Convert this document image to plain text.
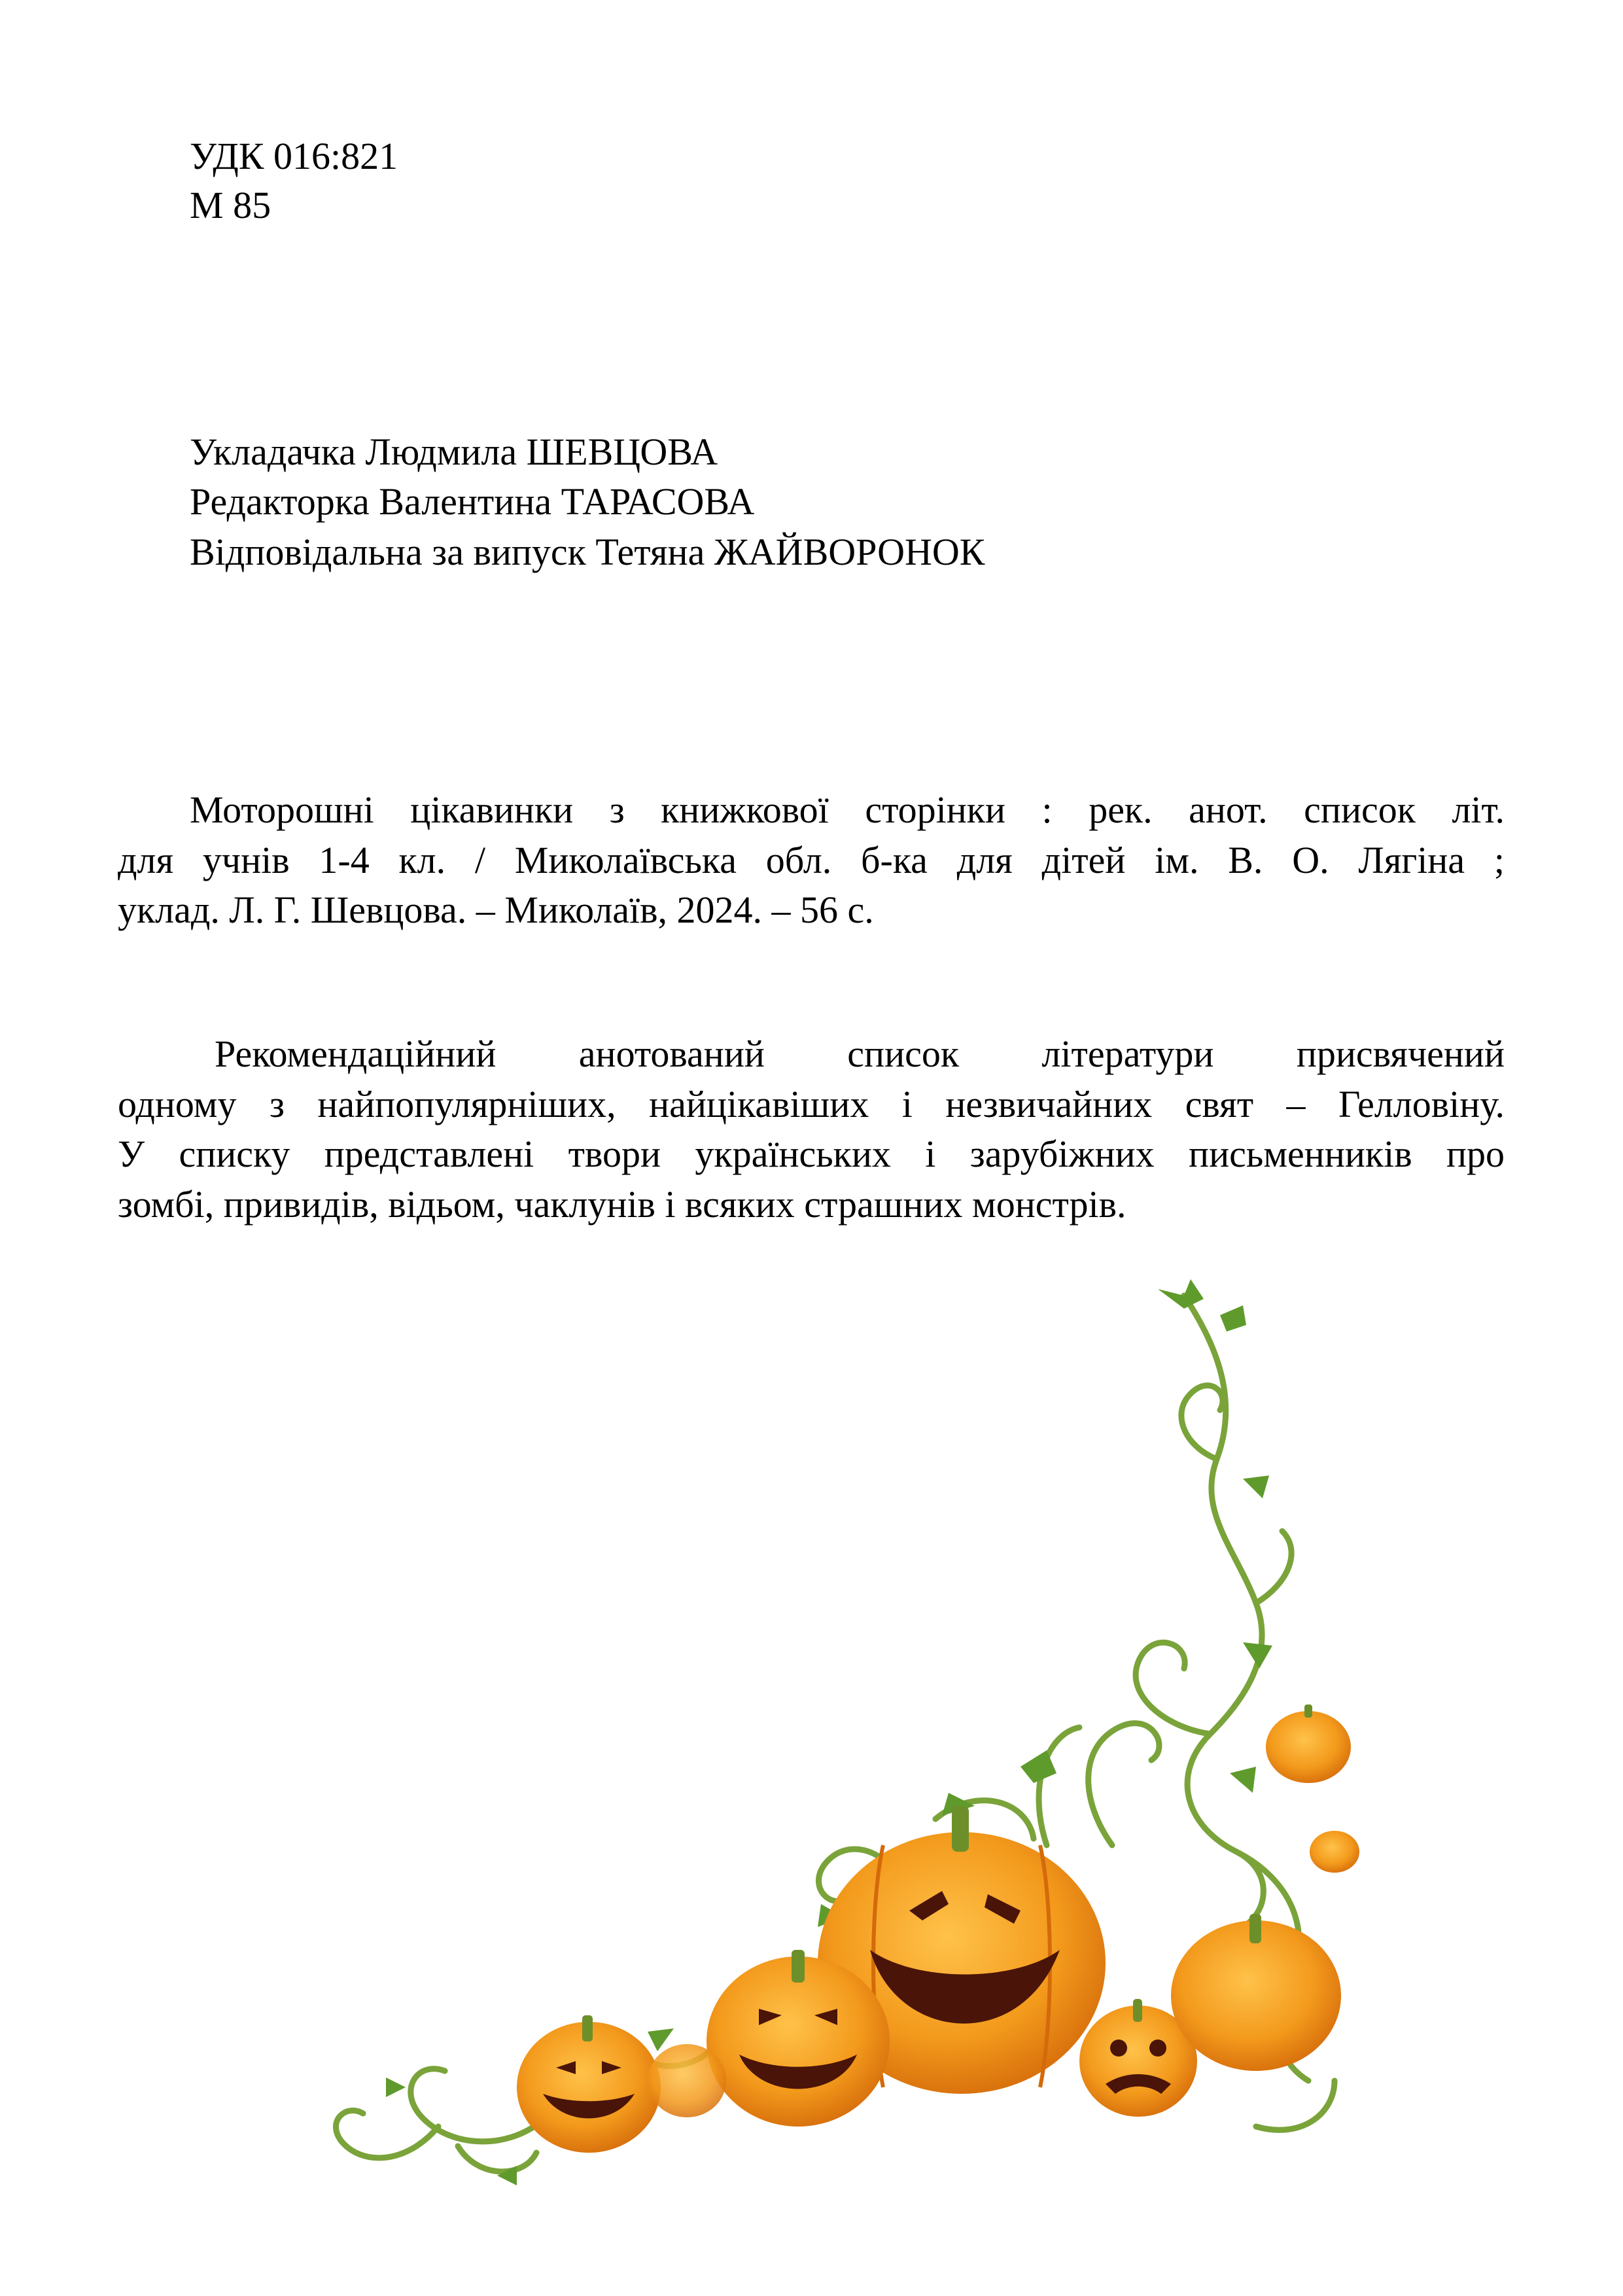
УДК 016:821

М 85

Укладачка Людмила ШЕВЦОВА

Редакторка Валентина ТАРАСОВА

Відповідальна за випуск Тетяна ЖАЙВОРОНОК

Моторошні цікавинки з книжкової сторінки : рек. анот. список літ.
для учнів 1-4 кл. / Миколаївська обл. б-ка для дітей ім. В. О. Лягіна ;
уклад. Л. Г. Шевцова. – Миколаїв, 2024. – 56 с.
Рекомендаційний анотований список літератури присвячений
одному з найпопулярніших, найцікавіших і незвичайних свят – Гелловіну.
У списку представлені твори українських і зарубіжних письменників про
зомбі, привидів, відьом, чаклунів і всяких страшних монстрів.
